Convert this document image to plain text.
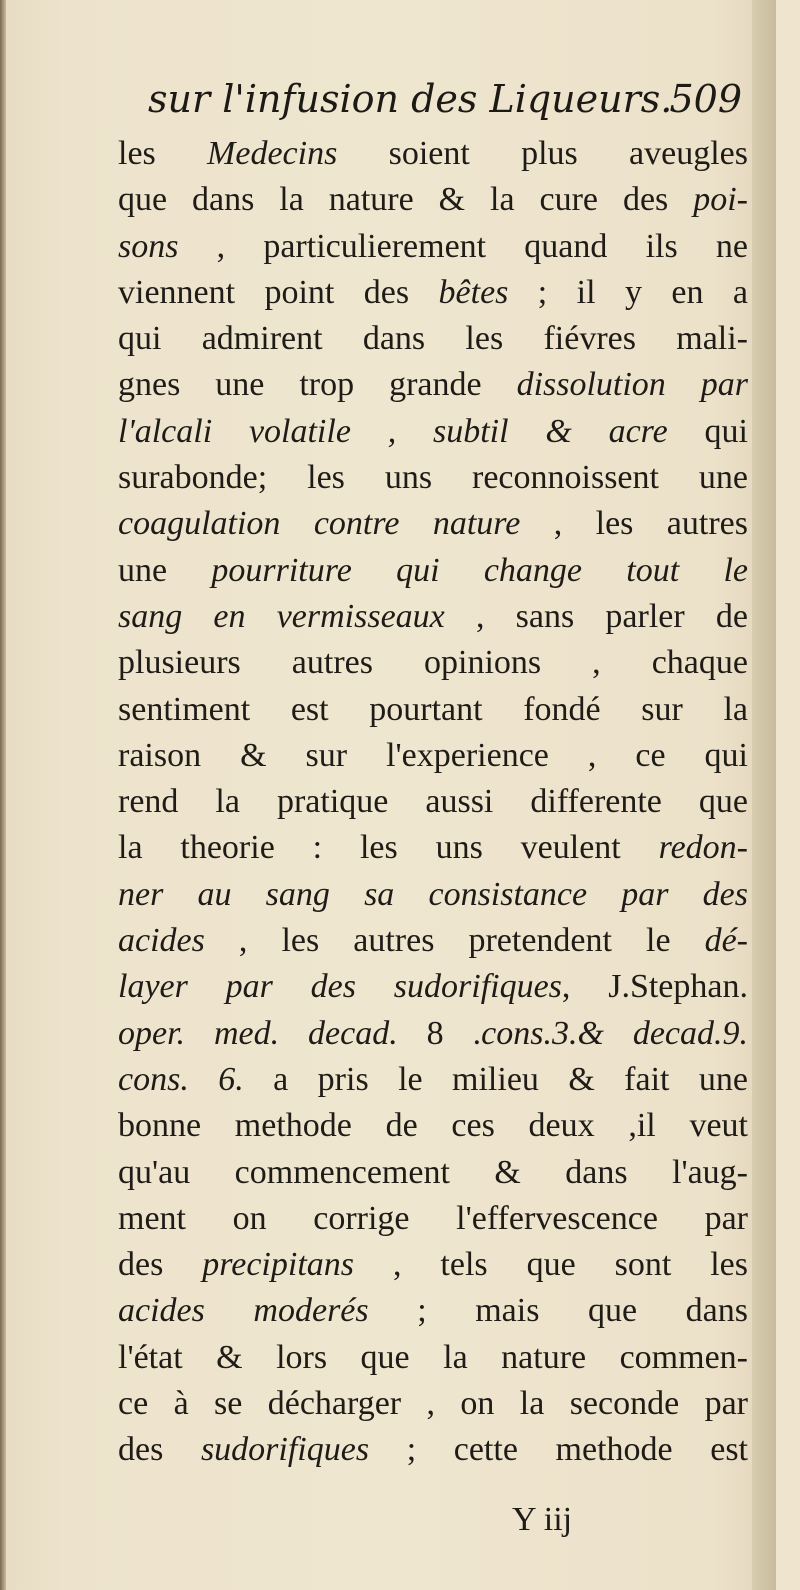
sur l'infusion des Liqueurs.
509
les Medecins soient plus aveugles
que dans la nature & la cure des poi-
sons , particulierement quand ils ne
viennent point des bêtes ; il y en a
qui admirent dans les fiévres mali-
gnes une trop grande dissolution par
l'alcali volatile , subtil & acre qui
surabonde; les uns reconnoissent une
coagulation contre nature , les autres
une pourriture qui change tout le
sang en vermisseaux , sans parler de
plusieurs autres opinions , chaque
sentiment est pourtant fondé sur la
raison & sur l'experience , ce qui
rend la pratique aussi differente que
la theorie : les uns veulent redon-
ner au sang sa consistance par des
acides , les autres pretendent le dé-
layer par des sudorifiques, J.Stephan.
oper. med. decad. 8 .cons.3.& decad.9.
cons. 6. a pris le milieu & fait une
bonne methode de ces deux ,il veut
qu'au commencement & dans l'aug-
ment on corrige l'effervescence par
des precipitans , tels que sont les
acides moderés ; mais que dans
l'état & lors que la nature commen-
ce à se décharger , on la seconde par
des sudorifiques ; cette methode est
Y iij
